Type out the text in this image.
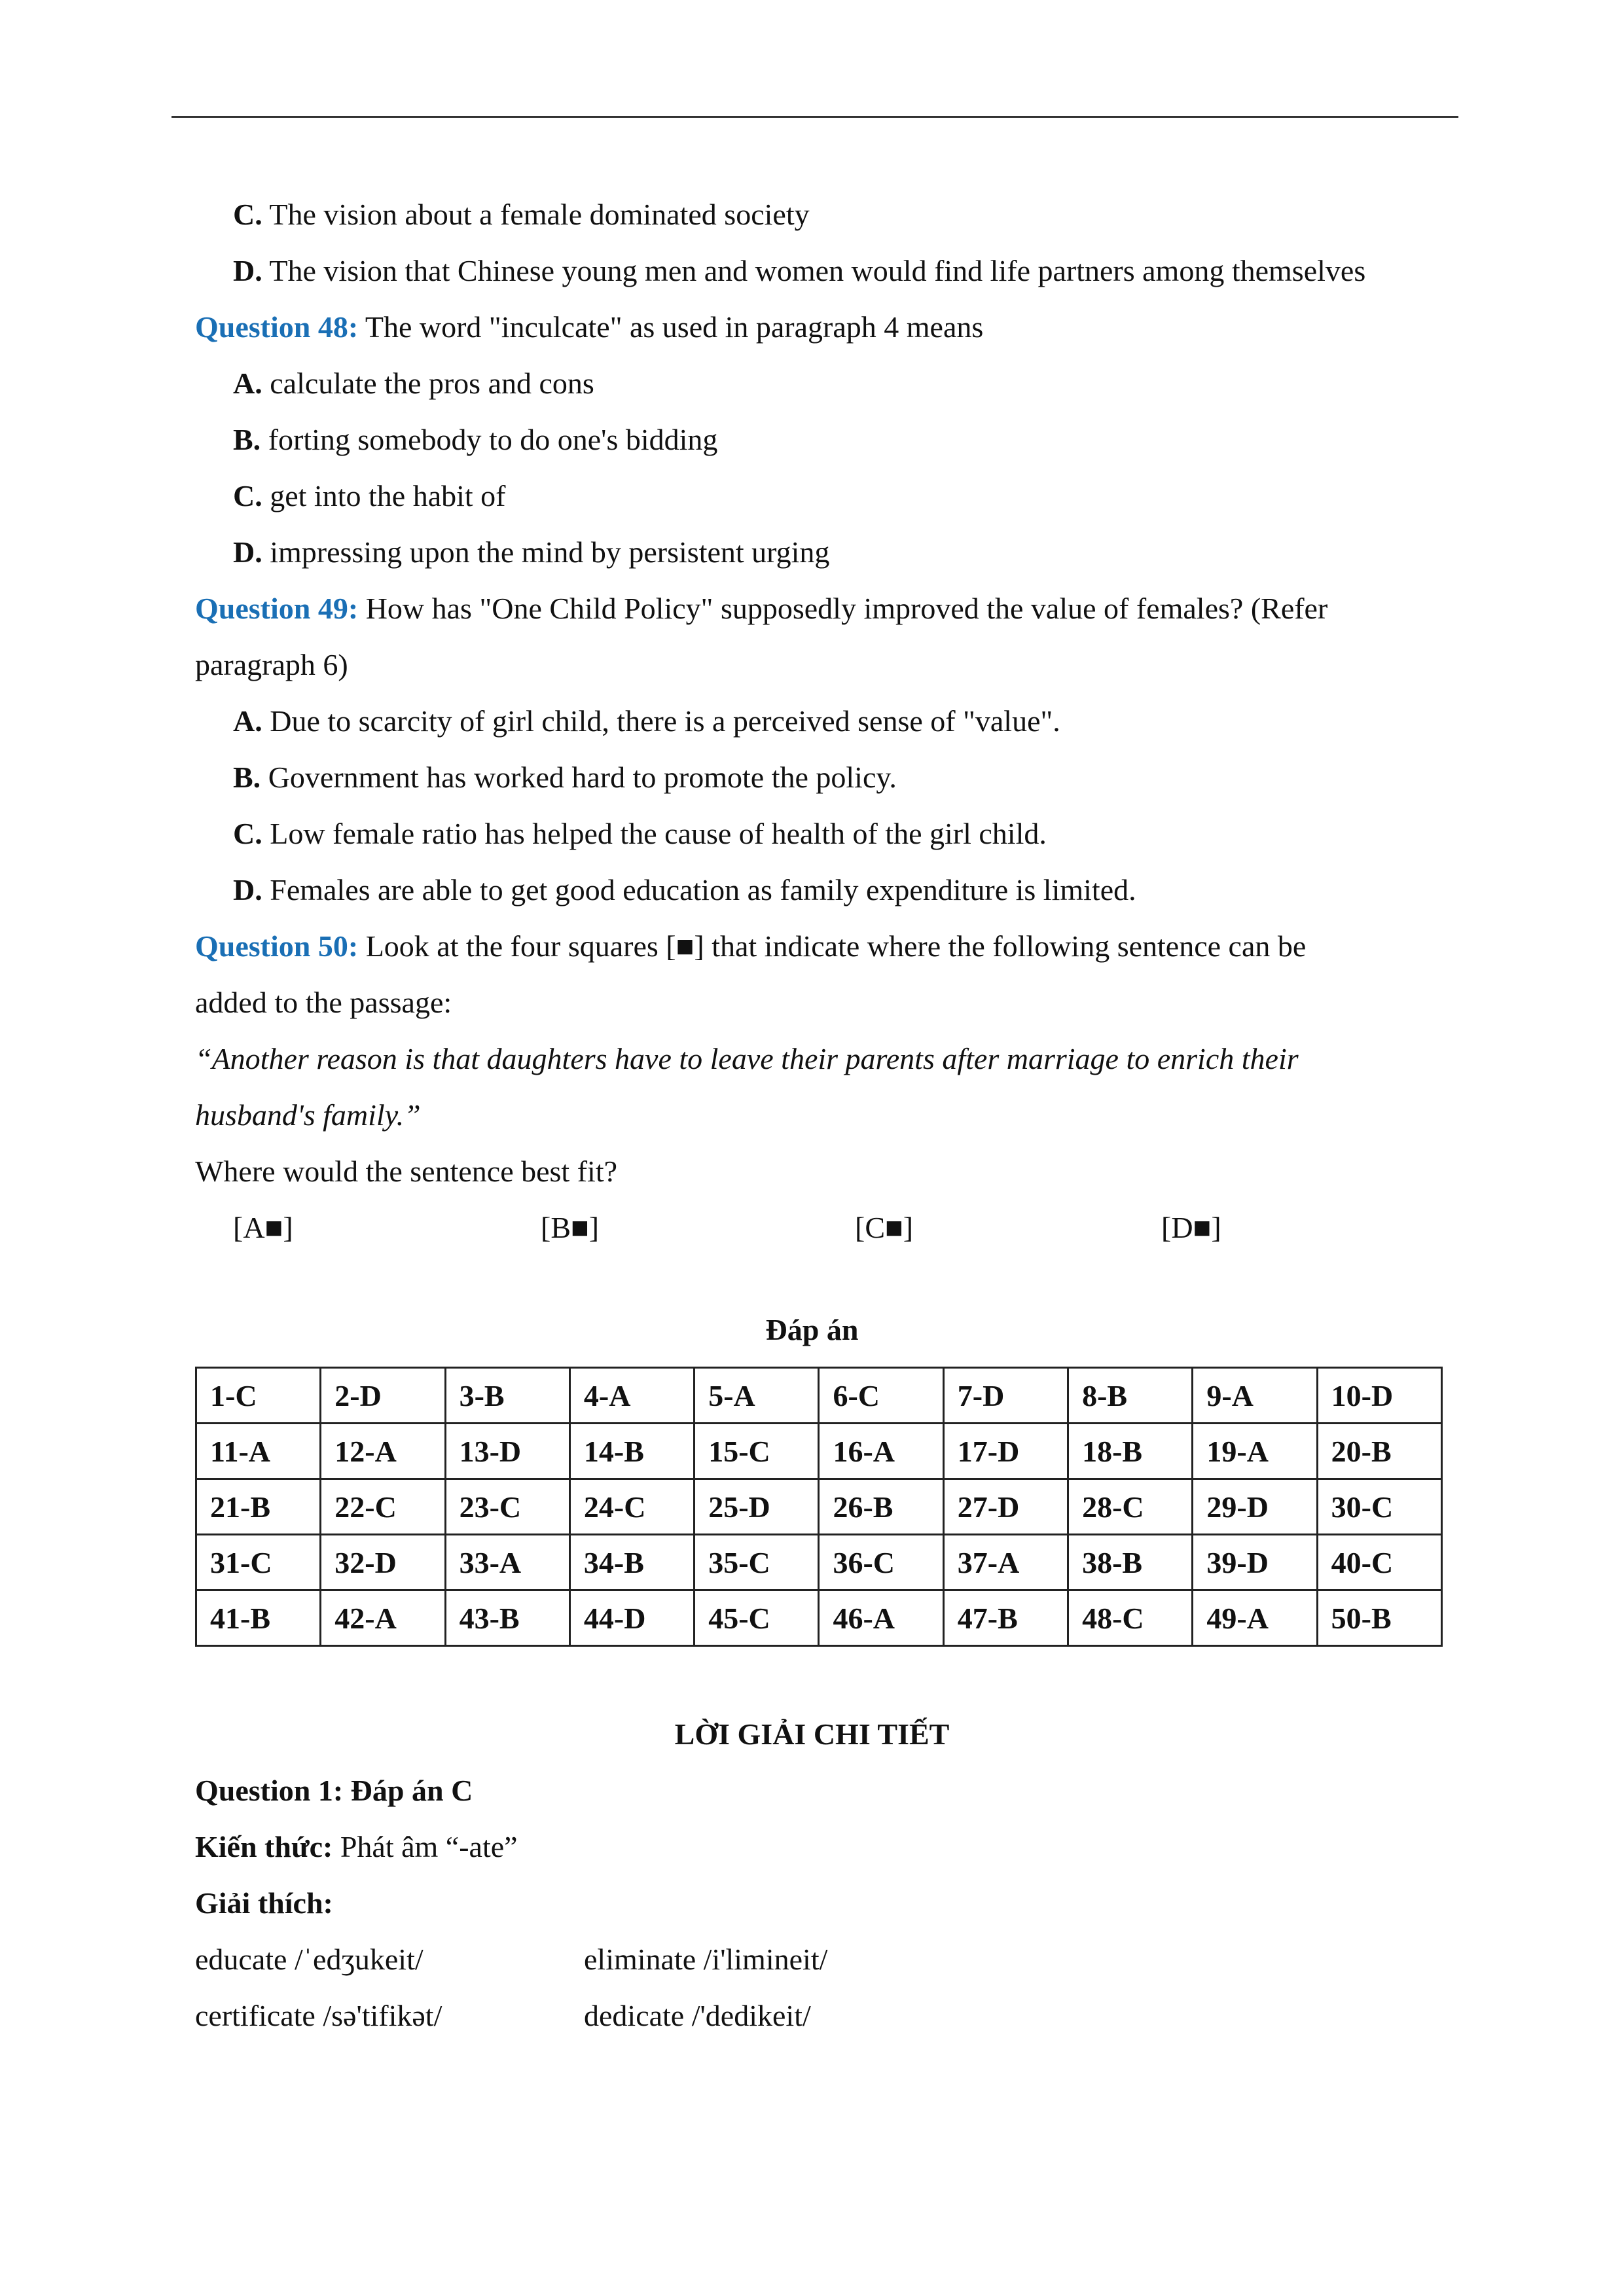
C. The vision about a female dominated society
D. The vision that Chinese young men and women would find life partners among themselves
Question 48: The word "inculcate" as used in paragraph 4 means
A. calculate the pros and cons
B. forting somebody to do one's bidding
C. get into the habit of
D. impressing upon the mind by persistent urging
Question 49: How has "One Child Policy" supposedly improved the value of females? (Refer
paragraph 6)
A. Due to scarcity of girl child, there is a perceived sense of "value".
B. Government has worked hard to promote the policy.
C. Low female ratio has helped the cause of health of the girl child.
D. Females are able to get good education as family expenditure is limited.
Question 50: Look at the four squares [■] that indicate where the following sentence can be
added to the passage:
“Another reason is that daughters have to leave their parents after marriage to enrich their
husband's family.”
Where would the sentence best fit?
[A■]	[B■]	[C■]	[D■]
Đáp án
1-C	2-D	3-B	4-A	5-A	6-C	7-D	8-B	9-A	10-D
11-A	12-A	13-D	14-B	15-C	16-A	17-D	18-B	19-A	20-B
21-B	22-C	23-C	24-C	25-D	26-B	27-D	28-C	29-D	30-C
31-C	32-D	33-A	34-B	35-C	36-C	37-A	38-B	39-D	40-C
41-B	42-A	43-B	44-D	45-C	46-A	47-B	48-C	49-A	50-B
LỜI GIẢI CHI TIẾT
Question 1: Đáp án C
Kiến thức: Phát âm “-ate”
Giải thích:
educate /ˈedʒukeit/	eliminate /i'limineit/
certificate /sə'tifikət/	dedicate /'dedikeit/
